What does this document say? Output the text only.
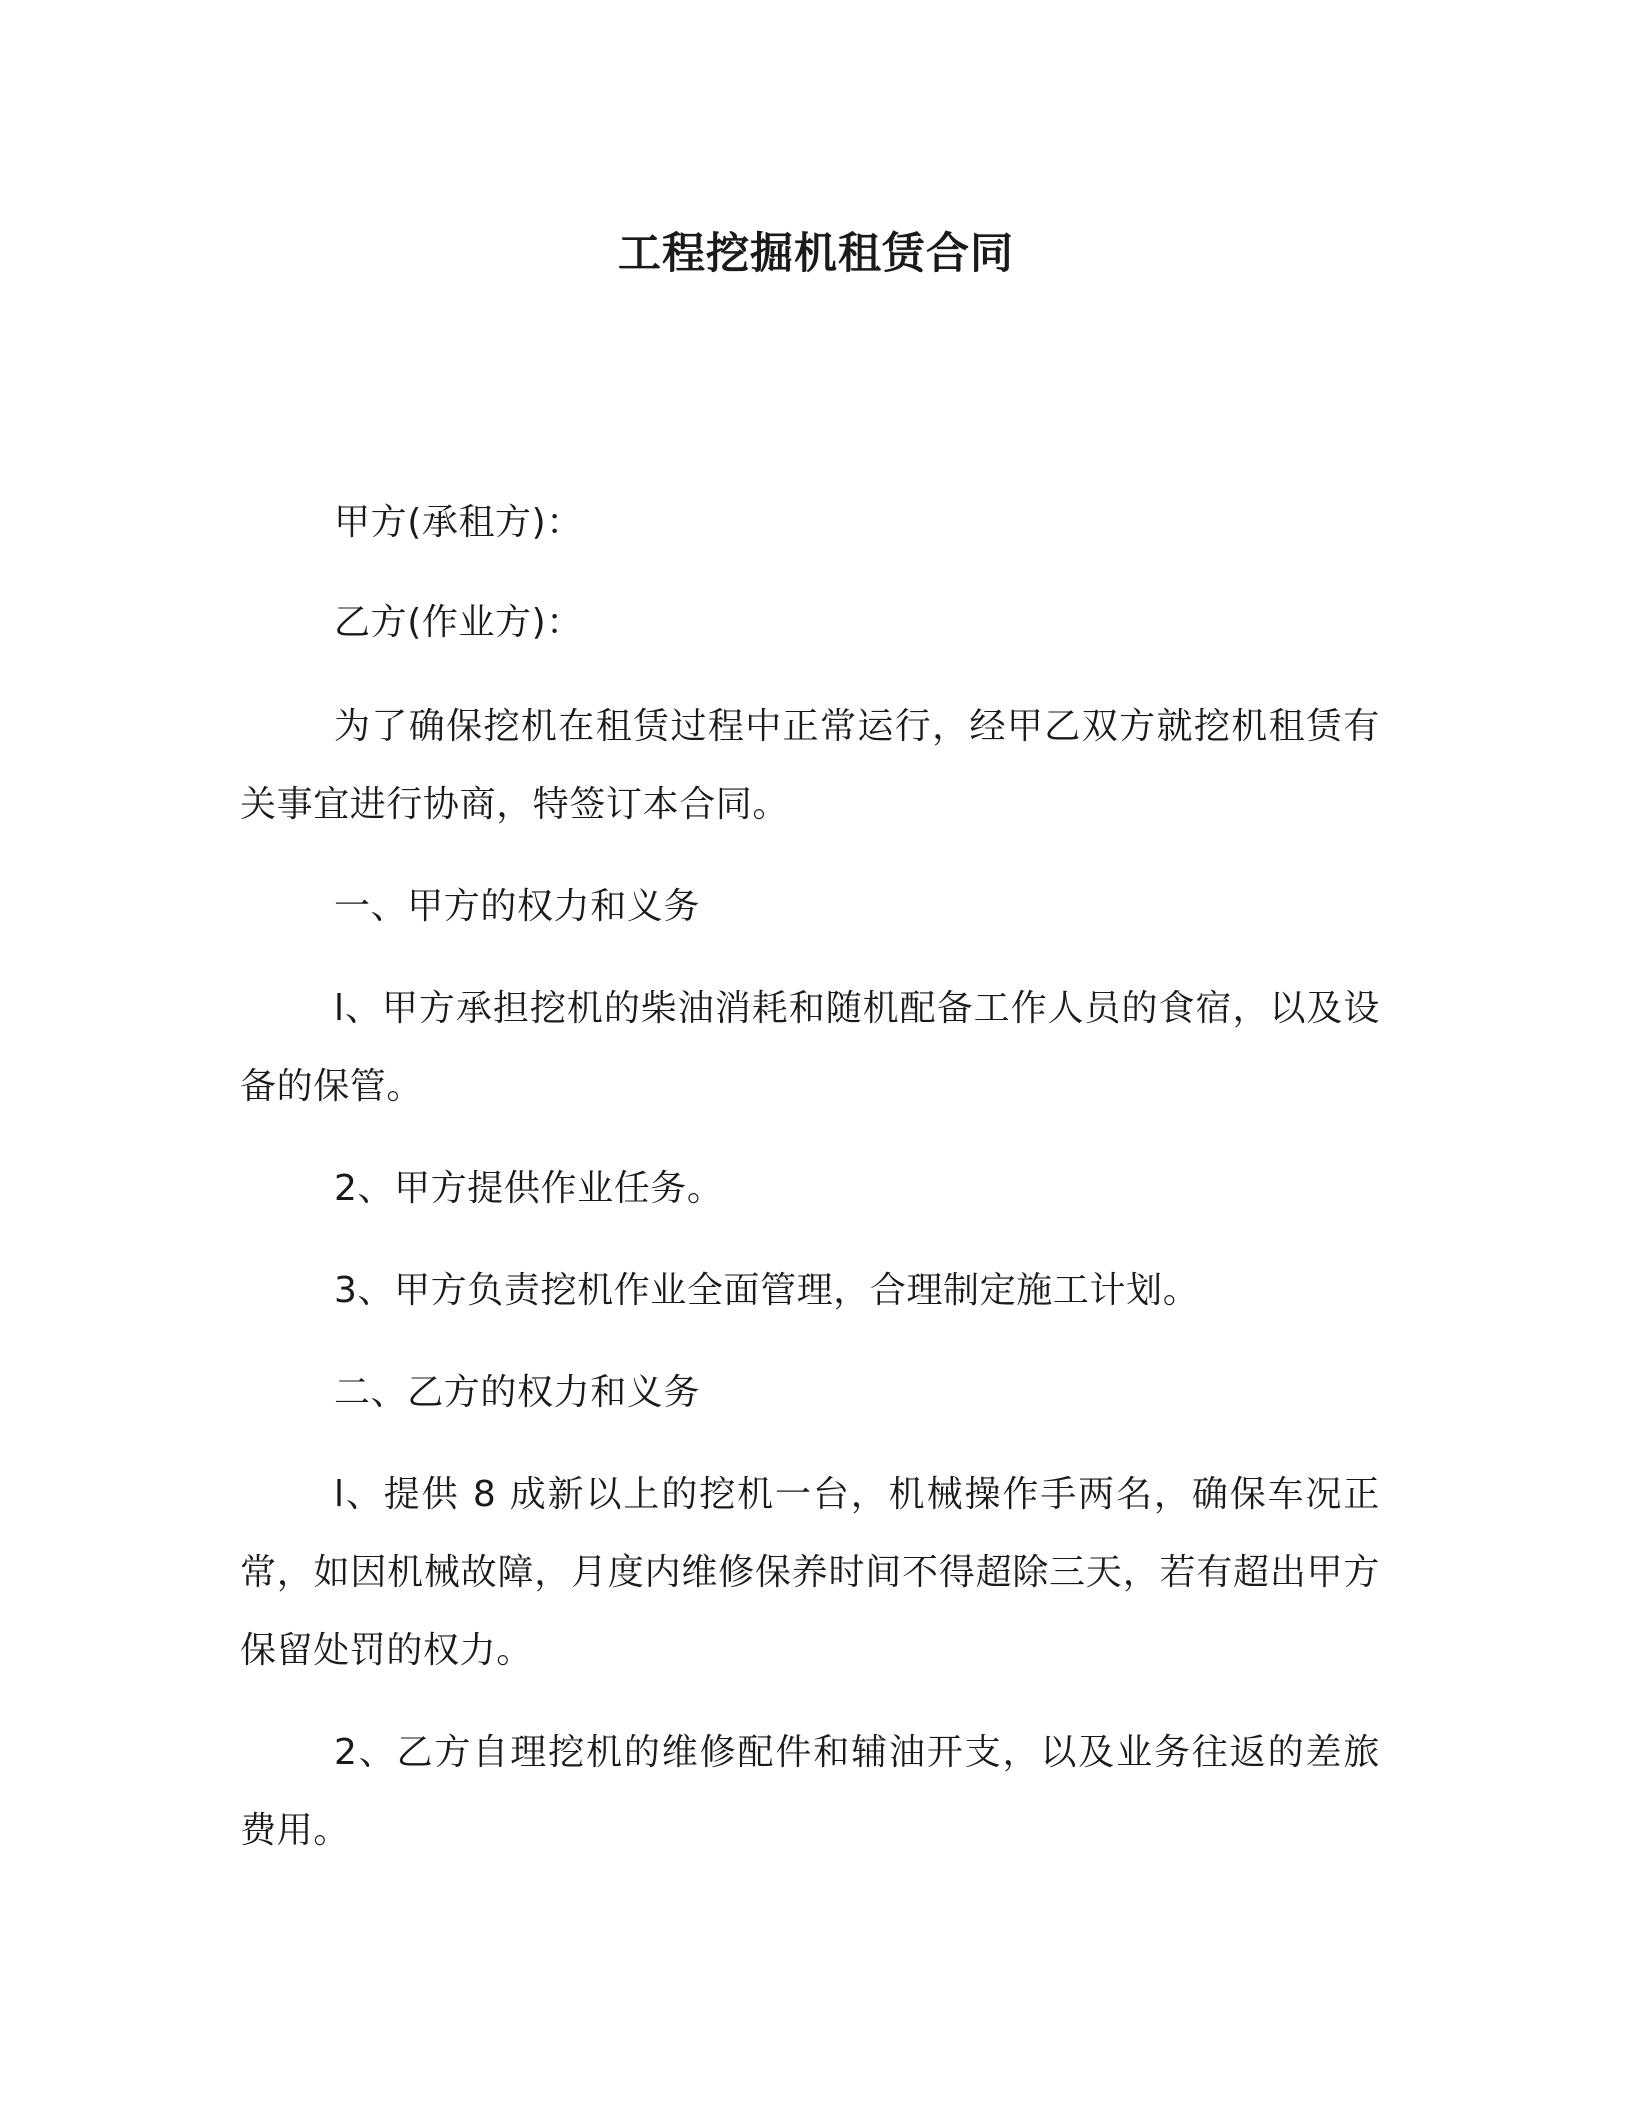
工程挖掘机租赁合同

甲方(承租方)：

乙方(作业方)：

为了确保挖机在租赁过程中正常运行，经甲乙双方就挖机租赁有关事宜进行协商，特签订本合同。

一、甲方的权力和义务

l、甲方承担挖机的柴油消耗和随机配备工作人员的食宿，以及设备的保管。

2、甲方提供作业任务。

3、甲方负责挖机作业全面管理，合理制定施工计划。

二、乙方的权力和义务

l、提供 8 成新以上的挖机一台，机械操作手两名，确保车况正常，如因机械故障，月度内维修保养时间不得超除三天，若有超出甲方保留处罚的权力。

2、乙方自理挖机的维修配件和辅油开支，以及业务往返的差旅费用。
